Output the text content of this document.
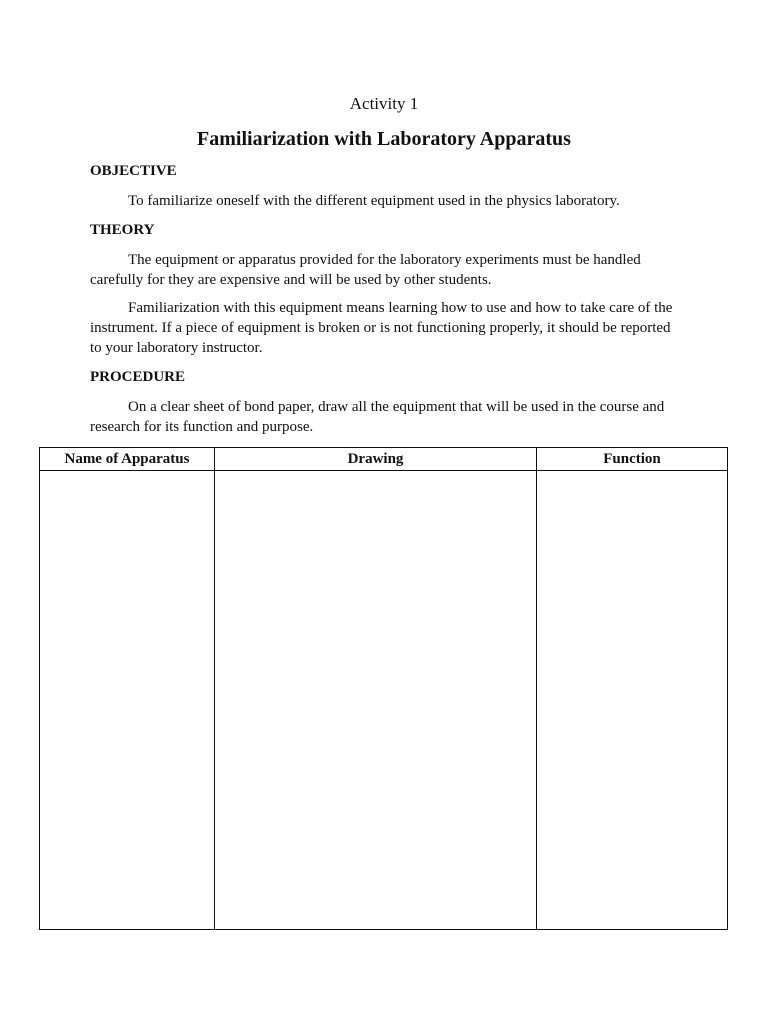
Activity 1
Familiarization with Laboratory Apparatus
OBJECTIVE

To familiarize oneself with the different equipment used in the physics laboratory.

THEORY

The equipment or apparatus provided for the laboratory experiments must be handled carefully for they are expensive and will be used by other students.

Familiarization with this equipment means learning how to use and how to take care of the instrument. If a piece of equipment is broken or is not functioning properly, it should be reported to your laboratory instructor.

PROCEDURE

On a clear sheet of bond paper, draw all the equipment that will be used in the course and research for its function and purpose.

Name of Apparatus	Drawing	Function
